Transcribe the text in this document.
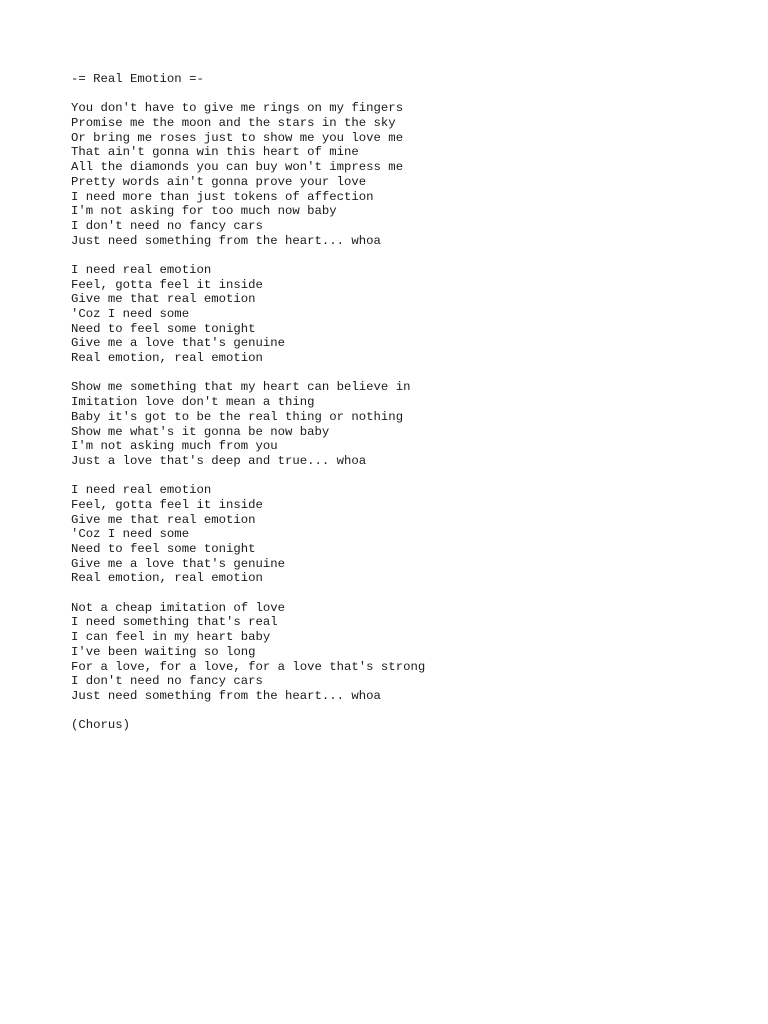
-= Real Emotion =-
You don't have to give me rings on my fingers
Promise me the moon and the stars in the sky
Or bring me roses just to show me you love me
That ain't gonna win this heart of mine
All the diamonds you can buy won't impress me
Pretty words ain't gonna prove your love
I need more than just tokens of affection
I'm not asking for too much now baby
I don't need no fancy cars
Just need something from the heart... whoa
I need real emotion
Feel, gotta feel it inside
Give me that real emotion
'Coz I need some
Need to feel some tonight
Give me a love that's genuine
Real emotion, real emotion
Show me something that my heart can believe in
Imitation love don't mean a thing
Baby it's got to be the real thing or nothing
Show me what's it gonna be now baby
I'm not asking much from you
Just a love that's deep and true... whoa
I need real emotion
Feel, gotta feel it inside
Give me that real emotion
'Coz I need some
Need to feel some tonight
Give me a love that's genuine
Real emotion, real emotion
Not a cheap imitation of love
I need something that's real
I can feel in my heart baby
I've been waiting so long
For a love, for a love, for a love that's strong
I don't need no fancy cars
Just need something from the heart... whoa
(Chorus)
